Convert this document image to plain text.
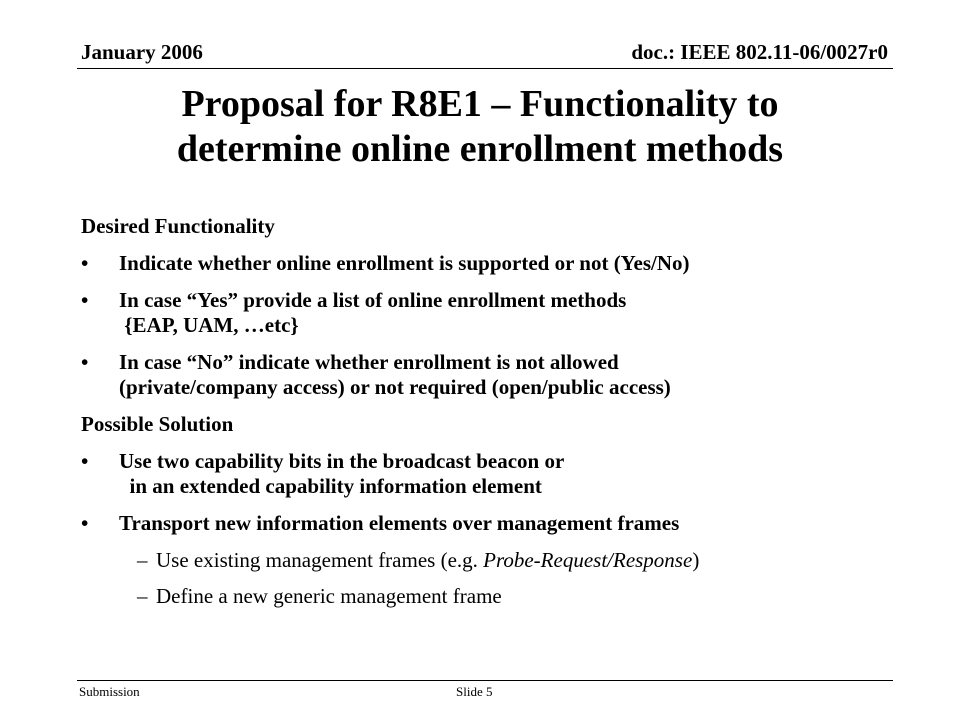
January 2006	doc.: IEEE 802.11-06/0027r0
Proposal for R8E1 – Functionality to
determine online enrollment methods
Desired Functionality
• Indicate whether online enrollment is supported or not (Yes/No)
• In case “Yes” provide a list of online enrollment methods
{EAP, UAM, …etc}
• In case “No” indicate whether enrollment is not allowed
(private/company access) or not required (open/public access)
Possible Solution
• Use two capability bits in the broadcast beacon or
in an extended capability information element
• Transport new information elements over management frames
– Use existing management frames (e.g. Probe-Request/Response)
– Define a new generic management frame
Submission	Slide 5
